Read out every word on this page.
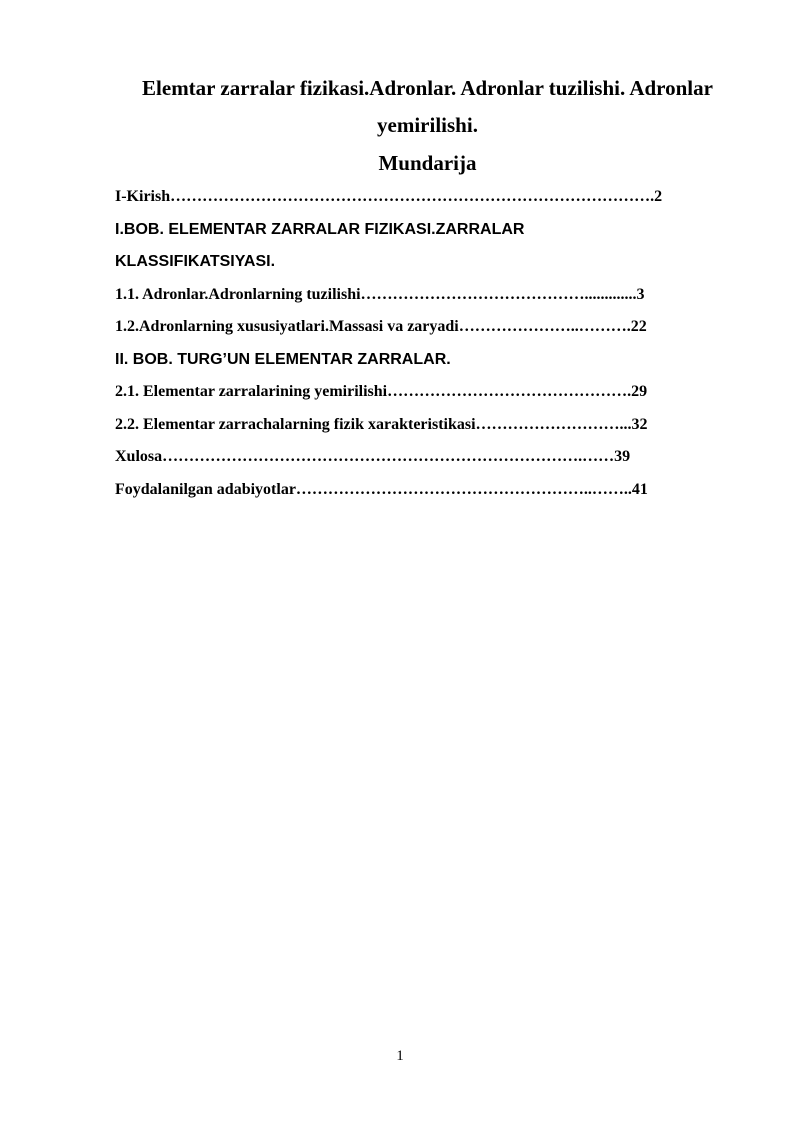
Elemtar zarralar fizikasi.Adronlar. Adronlar tuzilishi. Adronlar yemirilishi.
Mundarija
I-Kirish……………………………………………………………………………….2
I.BOB. ELEMENTAR ZARRALAR FIZIKASI.ZARRALAR
KLASSIFIKATSIYASI.
1.1. Adronlar.Adronlarning tuzilishi…………………………………….............3
1.2.Adronlarning xususiyatlari.Massasi va zaryadi…………………..……….22
II. BOB. TURG’UN ELEMENTAR ZARRALAR.
2.1. Elementar zarralarining yemirilishi……………………………………….29
2.2. Elementar zarrachalarning fizik xarakteristikasi………………………...32
Xulosa…………………………………………………………………….……39
Foydalanilgan adabiyotlar………………………………………………..……..41
1
